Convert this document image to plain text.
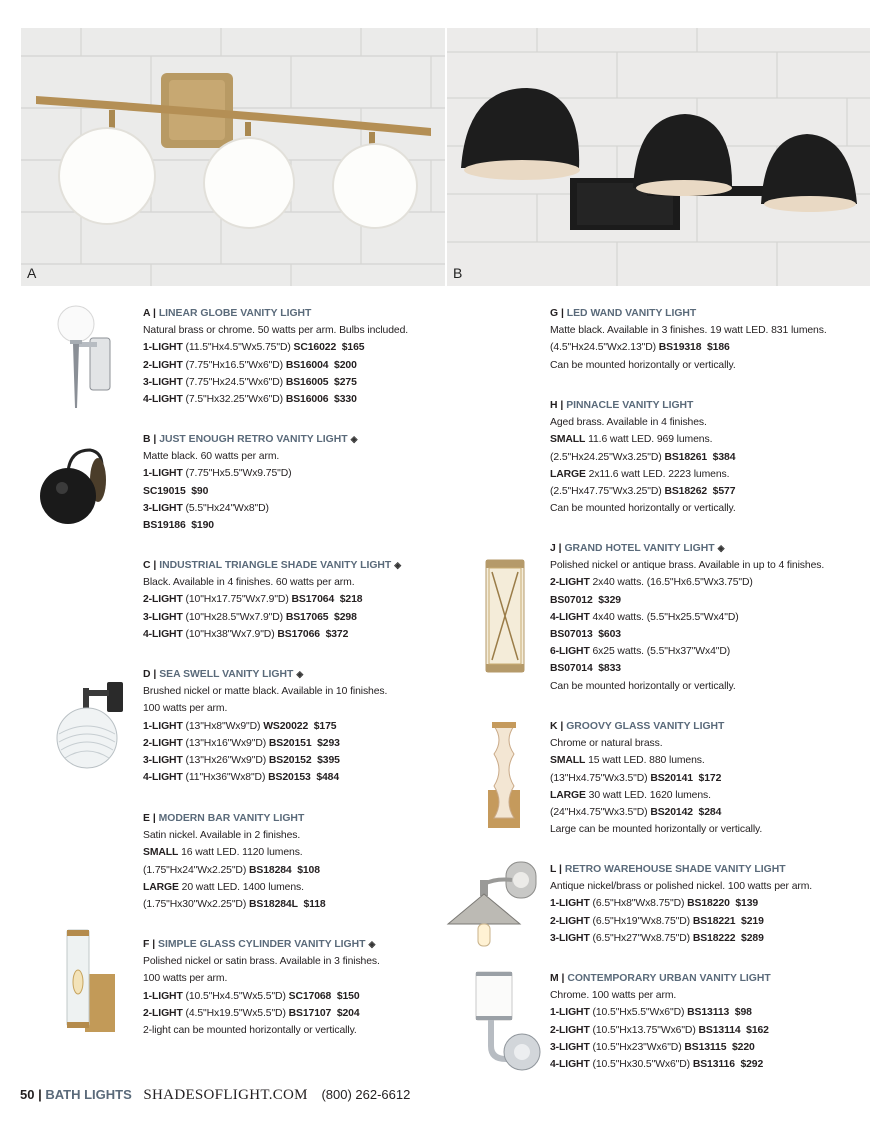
A	B
A | LINEAR GLOBE VANITY LIGHT
Natural brass or chrome. 50 watts per arm. Bulbs included.
1-LIGHT (11.5"Hx4.5"Wx5.75"D) SC16022 $165
2-LIGHT (7.75"Hx16.5"Wx6"D) BS16004 $200
3-LIGHT (7.75"Hx24.5"Wx6"D) BS16005 $275
4-LIGHT (7.5"Hx32.25"Wx6"D) BS16006 $330
B | JUST ENOUGH RETRO VANITY LIGHT ◈
Matte black. 60 watts per arm.
1-LIGHT (7.75"Hx5.5"Wx9.75"D)
SC19015 $90
3-LIGHT (5.5"Hx24"Wx8"D)
BS19186 $190
C | INDUSTRIAL TRIANGLE SHADE VANITY LIGHT ◈
Black. Available in 4 finishes. 60 watts per arm.
2-LIGHT (10"Hx17.75"Wx7.9"D) BS17064 $218
3-LIGHT (10"Hx28.5"Wx7.9"D) BS17065 $298
4-LIGHT (10"Hx38"Wx7.9"D) BS17066 $372
D | SEA SWELL VANITY LIGHT ◈
Brushed nickel or matte black. Available in 10 finishes.
100 watts per arm.
1-LIGHT (13"Hx8"Wx9"D) WS20022 $175
2-LIGHT (13"Hx16"Wx9"D) BS20151 $293
3-LIGHT (13"Hx26"Wx9"D) BS20152 $395
4-LIGHT (11"Hx36"Wx8"D) BS20153 $484
E | MODERN BAR VANITY LIGHT
Satin nickel. Available in 2 finishes.
SMALL 16 watt LED. 1120 lumens.
(1.75"Hx24"Wx2.25"D) BS18284 $108
LARGE 20 watt LED. 1400 lumens.
(1.75"Hx30"Wx2.25"D) BS18284L $118
F | SIMPLE GLASS CYLINDER VANITY LIGHT ◈
Polished nickel or satin brass. Available in 3 finishes.
100 watts per arm.
1-LIGHT (10.5"Hx4.5"Wx5.5"D) SC17068 $150
2-LIGHT (4.5"Hx19.5"Wx5.5"D) BS17107 $204
2-light can be mounted horizontally or vertically.
G | LED WAND VANITY LIGHT
Matte black. Available in 3 finishes. 19 watt LED. 831 lumens.
(4.5"Hx24.5"Wx2.13"D) BS19318 $186
Can be mounted horizontally or vertically.
H | PINNACLE VANITY LIGHT
Aged brass. Available in 4 finishes.
SMALL 11.6 watt LED. 969 lumens.
(2.5"Hx24.25"Wx3.25"D) BS18261 $384
LARGE 2x11.6 watt LED. 2223 lumens.
(2.5"Hx47.75"Wx3.25"D) BS18262 $577
Can be mounted horizontally or vertically.
J | GRAND HOTEL VANITY LIGHT ◈
Polished nickel or antique brass. Available in up to 4 finishes.
2-LIGHT 2x40 watts. (16.5"Hx6.5"Wx3.75"D)
BS07012 $329
4-LIGHT 4x40 watts. (5.5"Hx25.5"Wx4"D)
BS07013 $603
6-LIGHT 6x25 watts. (5.5"Hx37"Wx4"D)
BS07014 $833
Can be mounted horizontally or vertically.
K | GROOVY GLASS VANITY LIGHT
Chrome or natural brass.
SMALL 15 watt LED. 880 lumens.
(13"Hx4.75"Wx3.5"D) BS20141 $172
LARGE 30 watt LED. 1620 lumens.
(24"Hx4.75"Wx3.5"D) BS20142 $284
Large can be mounted horizontally or vertically.
L | RETRO WAREHOUSE SHADE VANITY LIGHT
Antique nickel/brass or polished nickel. 100 watts per arm.
1-LIGHT (6.5"Hx8"Wx8.75"D) BS18220 $139
2-LIGHT (6.5"Hx19"Wx8.75"D) BS18221 $219
3-LIGHT (6.5"Hx27"Wx8.75"D) BS18222 $289
M | CONTEMPORARY URBAN VANITY LIGHT
Chrome. 100 watts per arm.
1-LIGHT (10.5"Hx5.5"Wx6"D) BS13113 $98
2-LIGHT (10.5"Hx13.75"Wx6"D) BS13114 $162
3-LIGHT (10.5"Hx23"Wx6"D) BS13115 $220
4-LIGHT (10.5"Hx30.5"Wx6"D) BS13116 $292
50 | BATH LIGHTS SHADESOFLIGHT.COM (800) 262-6612
